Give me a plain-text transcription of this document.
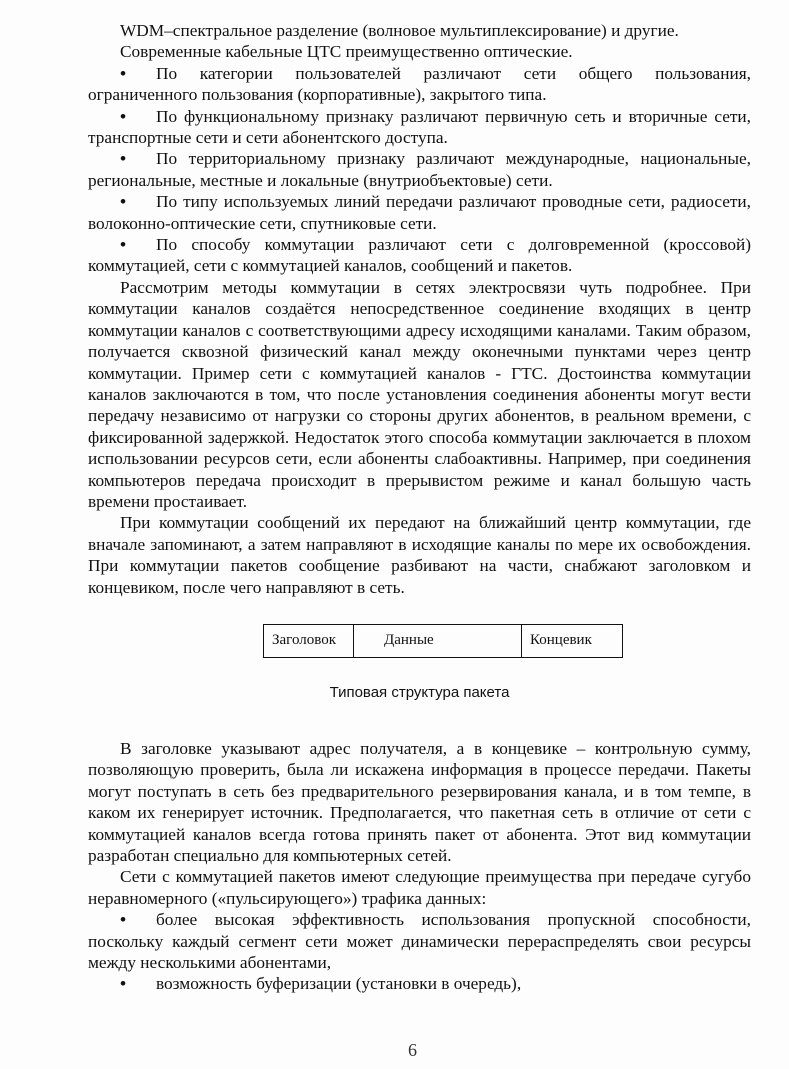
WDM–спектральное разделение (волновое мультиплексирование) и другие.

Современные кабельные ЦТС преимущественно оптические.

• По категории пользователей различают сети общего пользования, ограниченного пользования (корпоративные), закрытого типа.

• По функциональному признаку различают первичную сеть и вторичные сети, транспортные сети и сети абонентского доступа.

• По территориальному признаку различают международные, национальные, региональные, местные и локальные (внутриобъектовые) сети.

• По типу используемых линий передачи различают проводные сети, радиосети, волоконно-оптические сети, спутниковые сети.

• По способу коммутации различают сети с долговременной (кроссовой) коммутацией, сети с коммутацией каналов, сообщений и пакетов.

Рассмотрим методы коммутации в сетях электросвязи чуть подробнее. При коммутации каналов создаётся непосредственное соединение входящих в центр коммутации каналов с соответствующими адресу исходящими каналами. Таким образом, получается сквозной физический канал между оконечными пунктами через центр коммутации. Пример сети с коммутацией каналов - ГТС. Достоинства коммутации каналов заключаются в том, что после установления соединения абоненты могут вести передачу независимо от нагрузки со стороны других абонентов, в реальном времени, с фиксированной задержкой. Недостаток этого способа коммутации заключается в плохом использовании ресурсов сети, если абоненты слабоактивны. Например, при соединения компьютеров передача происходит в прерывистом режиме и канал большую часть времени простаивает.

При коммутации сообщений их передают на ближайший центр коммутации, где вначале запоминают, а затем направляют в исходящие каналы по мере их освобождения. При коммутации пакетов сообщение разбивают на части, снабжают заголовком и концевиком, после чего направляют в сеть.

Заголовок	Данные	Концевик
Типовая структура пакета

В заголовке указывают адрес получателя, а в концевике – контрольную сумму, позволяющую проверить, была ли искажена информация в процессе передачи. Пакеты могут поступать в сеть без предварительного резервирования канала, и в том темпе, в каком их генерирует источник. Предполагается, что пакетная сеть в отличие от сети с коммутацией каналов всегда готова принять пакет от абонента. Этот вид коммутации разработан специально для компьютерных сетей.

Сети с коммутацией пакетов имеют следующие преимущества при передаче сугубо неравномерного («пульсирующего») трафика данных:

• более высокая эффективность использования пропускной способности, поскольку каждый сегмент сети может динамически перераспределять свои ресурсы между несколькими абонентами,

• возможность буферизации (установки в очередь),

6
